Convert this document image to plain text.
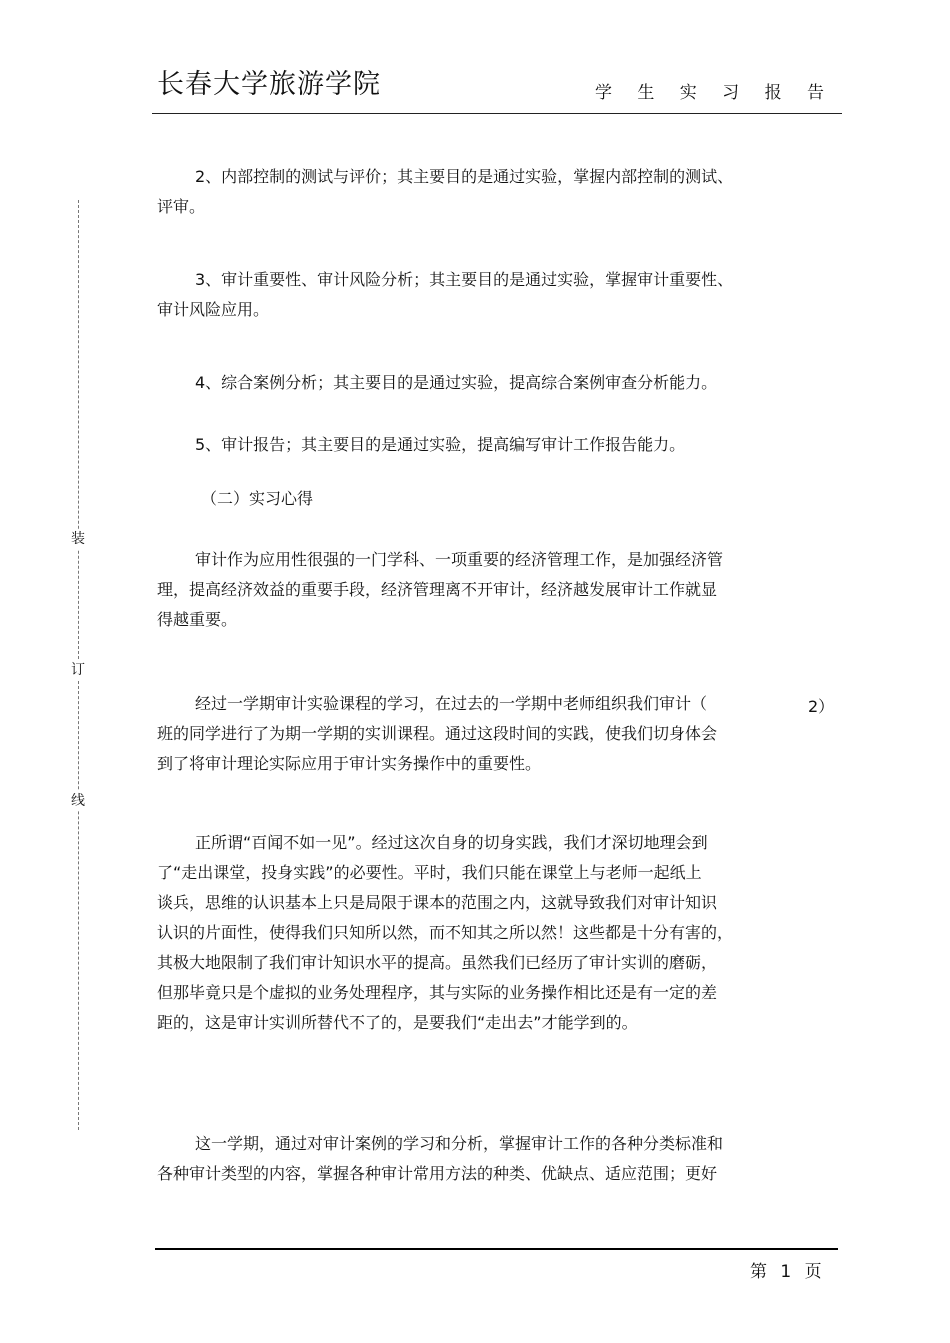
长春大学旅游学院	学 生 实 习 报 告
装
订
线

2、内部控制的测试与评价；其主要目的是通过实验，掌握内部控制的测试、

评审。

3、审计重要性、审计风险分析；其主要目的是通过实验，掌握审计重要性、

审计风险应用。

4、综合案例分析；其主要目的是通过实验，提高综合案例审查分析能力。

5、审计报告；其主要目的是通过实验，提高编写审计工作报告能力。

（二）实习心得

审计作为应用性很强的一门学科、一项重要的经济管理工作，是加强经济管

理，提高经济效益的重要手段，经济管理离不开审计，经济越发展审计工作就显

得越重要。

经过一学期审计实验课程的学习，在过去的一学期中老师组织我们审计（

班的同学进行了为期一学期的实训课程。通过这段时间的实践，使我们切身体会

到了将审计理论实际应用于审计实务操作中的重要性。

2）

正所谓“百闻不如一见”。经过这次自身的切身实践，我们才深切地理会到

了“走出课堂，投身实践”的必要性。平时，我们只能在课堂上与老师一起纸上

谈兵，思维的认识基本上只是局限于课本的范围之内，这就导致我们对审计知识

认识的片面性，使得我们只知所以然，而不知其之所以然！这些都是十分有害的，

其极大地限制了我们审计知识水平的提高。虽然我们已经历了审计实训的磨砺，

但那毕竟只是个虚拟的业务处理程序，其与实际的业务操作相比还是有一定的差

距的，这是审计实训所替代不了的，是要我们“走出去”才能学到的。

这一学期，通过对审计案例的学习和分析，掌握审计工作的各种分类标准和

各种审计类型的内容，掌握各种审计常用方法的种类、优缺点、适应范围；更好

第 1 页
